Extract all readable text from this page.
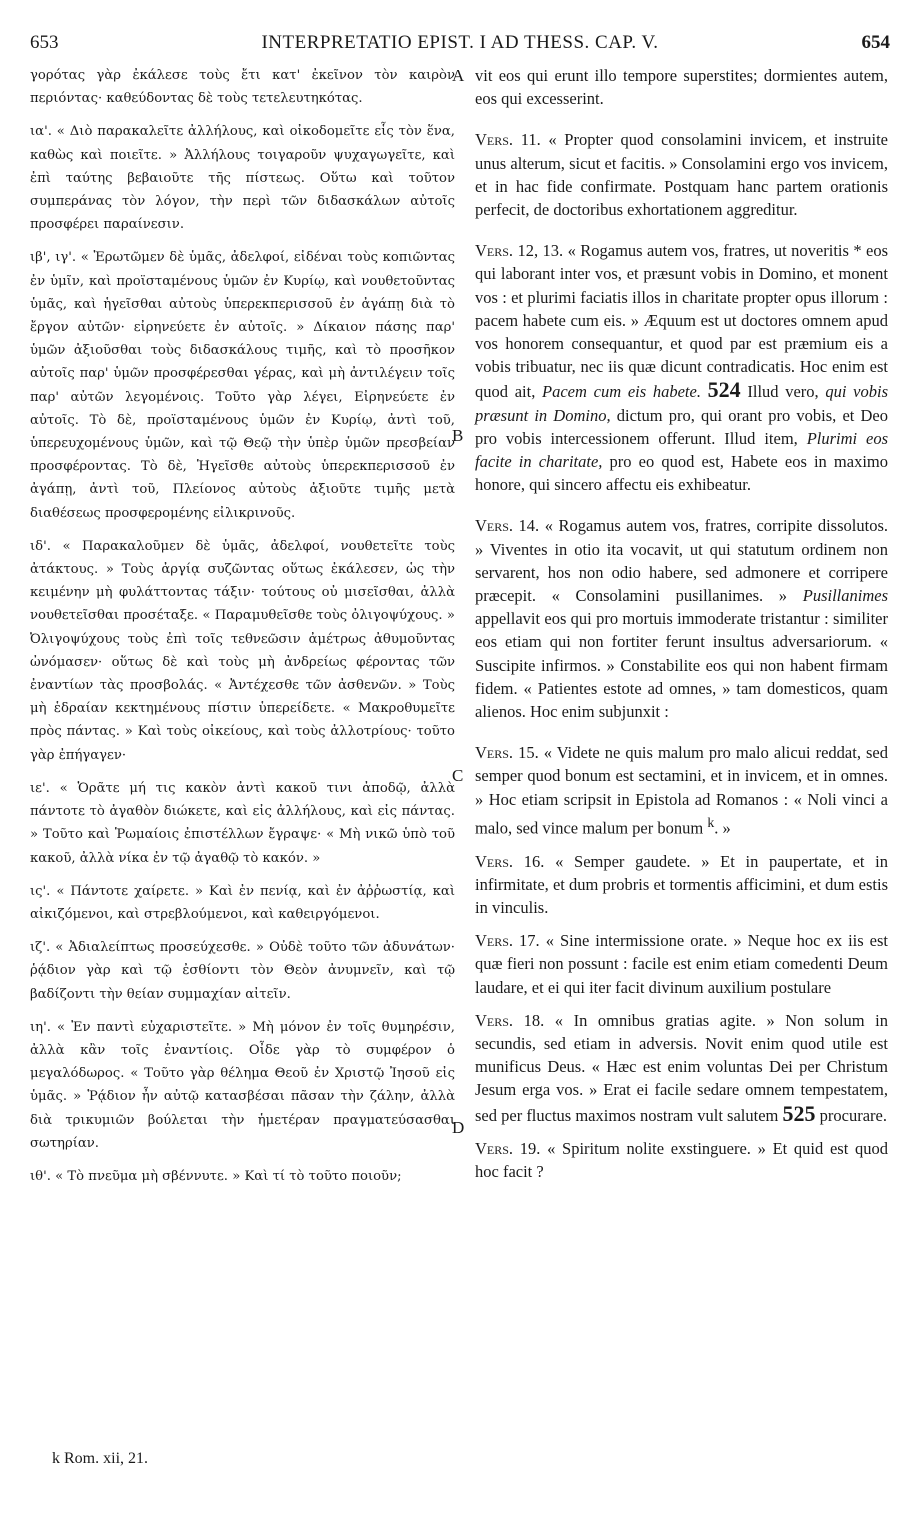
653	INTERPRETATIO EPIST. I AD THESS. CAP. V.	654

γορότας γὰρ ἐκάλεσε τοὺς ἔτι κατ' ἐκεῖνον τὸν καιρὸν περιόντας· καθεύδοντας δὲ τοὺς τετελευτηκότας.

ια'. « Διὸ παρακαλεῖτε ἀλλήλους, καὶ οἰκοδομεῖτε εἷς τὸν ἕνα, καθὼς καὶ ποιεῖτε. » Ἀλλήλους τοιγαροῦν ψυχαγωγεῖτε, καὶ ἐπὶ ταύτης βεβαιοῦτε τῆς πίστεως. Οὕτω καὶ τοῦτον συμπεράνας τὸν λόγον, τὴν περὶ τῶν διδασκάλων αὐτοῖς προσφέρει παραίνεσιν.

ιβ', ιγ'. « Ἐρωτῶμεν δὲ ὑμᾶς, ἀδελφοί, εἰδέναι τοὺς κοπιῶντας ἐν ὑμῖν, καὶ προϊσταμένους ὑμῶν ἐν Κυρίῳ, καὶ νουθετοῦντας ὑμᾶς, καὶ ἡγεῖσθαι αὐτοὺς ὑπερεκπερισσοῦ ἐν ἀγάπῃ διὰ τὸ ἔργον αὐτῶν· εἰρηνεύετε ἐν αὐτοῖς. » Δίκαιον πάσης παρ' ὑμῶν ἀξιοῦσθαι τοὺς διδασκάλους τιμῆς, καὶ τὸ προσῆκον αὐτοῖς παρ' ὑμῶν προσφέρεσθαι γέρας, καὶ μὴ ἀντιλέγειν τοῖς παρ' αὐτῶν λεγομένοις. Τοῦτο γὰρ λέγει, Εἰρηνεύετε ἐν αὐτοῖς. Τὸ δὲ, προϊσταμένους ὑμῶν ἐν Κυρίῳ, ἀντὶ τοῦ, ὑπερευχομένους ὑμῶν, καὶ τῷ Θεῷ τὴν ὑπὲρ ὑμῶν πρεσβείαν προσφέροντας. Τὸ δὲ, Ἡγεῖσθε αὐτοὺς ὑπερεκπερισσοῦ ἐν ἀγάπῃ, ἀντὶ τοῦ, Πλείονος αὐτοὺς ἀξιοῦτε τιμῆς μετὰ διαθέσεως προσφερομένης εἰλικρινοῦς.

ιδ'. « Παρακαλοῦμεν δὲ ὑμᾶς, ἀδελφοί, νουθετεῖτε τοὺς ἀτάκτους. » Τοὺς ἀργίᾳ συζῶντας οὕτως ἐκάλεσεν, ὡς τὴν κειμένην μὴ φυλάττοντας τάξιν· τούτους οὐ μισεῖσθαι, ἀλλὰ νουθετεῖσθαι προσέταξε. « Παραμυθεῖσθε τοὺς ὀλιγοψύχους. » Ὀλιγοψύχους τοὺς ἐπὶ τοῖς τεθνεῶσιν ἀμέτρως ἀθυμοῦντας ὠνόμασεν· οὕτως δὲ καὶ τοὺς μὴ ἀνδρείως φέροντας τῶν ἐναντίων τὰς προσβολάς. « Ἀντέχεσθε τῶν ἀσθενῶν. » Τοὺς μὴ ἑδραίαν κεκτημένους πίστιν ὑπερείδετε. « Μακροθυμεῖτε πρὸς πάντας. » Καὶ τοὺς οἰκείους, καὶ τοὺς ἀλλοτρίους· τοῦτο γὰρ ἐπήγαγεν·

ιε'. « Ὁρᾶτε μή τις κακὸν ἀντὶ κακοῦ τινι ἀποδῷ, ἀλλὰ πάντοτε τὸ ἀγαθὸν διώκετε, καὶ εἰς ἀλλήλους, καὶ εἰς πάντας. » Τοῦτο καὶ Ῥωμαίοις ἐπιστέλλων ἔγραψε· « Μὴ νικῶ ὑπὸ τοῦ κακοῦ, ἀλλὰ νίκα ἐν τῷ ἀγαθῷ τὸ κακόν. »

ις'. « Πάντοτε χαίρετε. » Καὶ ἐν πενίᾳ, καὶ ἐν ἀῤῥωστίᾳ, καὶ αἰκιζόμενοι, καὶ στρεβλούμενοι, καὶ καθειργόμενοι.

ιζ'. « Ἀδιαλείπτως προσεύχεσθε. » Οὐδὲ τοῦτο τῶν ἀδυνάτων· ῥᾴδιον γὰρ καὶ τῷ ἐσθίοντι τὸν Θεὸν ἀνυμνεῖν, καὶ τῷ βαδίζοντι τὴν θείαν συμμαχίαν αἰτεῖν.

ιη'. « Ἐν παντὶ εὐχαριστεῖτε. » Μὴ μόνον ἐν τοῖς θυμηρέσιν, ἀλλὰ κἂν τοῖς ἐναντίοις. Οἶδε γὰρ τὸ συμφέρον ὁ μεγαλόδωρος. « Τοῦτο γὰρ θέλημα Θεοῦ ἐν Χριστῷ Ἰησοῦ εἰς ὑμᾶς. » Ῥᾴδιον ἦν αὐτῷ κατασβέσαι πᾶσαν τὴν ζάλην, ἀλλὰ διὰ τρικυμιῶν βούλεται τὴν ἡμετέραν πραγματεύσασθαι σωτηρίαν.

ιθ'. « Τὸ πνεῦμα μὴ σβέννυτε. » Καὶ τί τὸ τοῦτο ποιοῦν;

vit eos qui erunt illo tempore superstites; dormientes autem, eos qui excesserint.

Vers. 11. « Propter quod consolamini invicem, et instruite unus alterum, sicut et facitis. » Consolamini ergo vos invicem, et in hac fide confirmate. Postquam hanc partem orationis perfecit, de doctoribus exhortationem aggreditur.

Vers. 12, 13. « Rogamus autem vos, fratres, ut noveritis * eos qui laborant inter vos, et præsunt vobis in Domino, et monent vos : et plurimi faciatis illos in charitate propter opus illorum : pacem habete cum eis. » Æquum est ut doctores omnem apud vos honorem consequantur, et quod par est præmium eis a vobis tribuatur, nec iis quæ dicunt contradicatis. Hoc enim est quod ait, Pacem cum eis habete. 524 Illud vero, qui vobis præsunt in Domino, dictum pro, qui orant pro vobis, et Deo pro vobis intercessionem offerunt. Illud item, Plurimi eos facite in charitate, pro eo quod est, Habete eos in maximo honore, qui sincero affectu eis exhibeatur.

Vers. 14. « Rogamus autem vos, fratres, corripite dissolutos. » Viventes in otio ita vocavit, ut qui statutum ordinem non servarent, hos non odio habere, sed admonere et corripere præcepit. « Consolamini pusillanimes. » Pusillanimes appellavit eos qui pro mortuis immoderate tristantur : similiter eos etiam qui non fortiter ferunt insultus adversariorum. « Suscipite infirmos. » Constabilite eos qui non habent firmam fidem. « Patientes estote ad omnes, » tam domesticos, quam alienos. Hoc enim subjunxit :

Vers. 15. « Videte ne quis malum pro malo alicui reddat, sed semper quod bonum est sectamini, et in invicem, et in omnes. » Hoc etiam scripsit in Epistola ad Romanos : « Noli vinci a malo, sed vince malum per bonum $^k$. »

Vers. 16. « Semper gaudete. » Et in paupertate, et in infirmitate, et dum probris et tormentis afficimini, et dum estis in vinculis.

Vers. 17. « Sine intermissione orate. » Neque hoc ex iis est quæ fieri non possunt : facile est enim etiam comedenti Deum laudare, et ei qui iter facit divinum auxilium postulare

Vers. 18. « In omnibus gratias agite. » Non solum in secundis, sed etiam in adversis. Novit enim quod utile est munificus Deus. « Hæc est enim voluntas Dei per Christum Jesum erga vos. » Erat ei facile sedare omnem tempestatem, sed per fluctus maximos nostram vult salutem 525 procurare.

Vers. 19. « Spiritum nolite exstinguere. » Et quid est quod hoc facit ?

A
B
C
D
k Rom. xii, 21.
